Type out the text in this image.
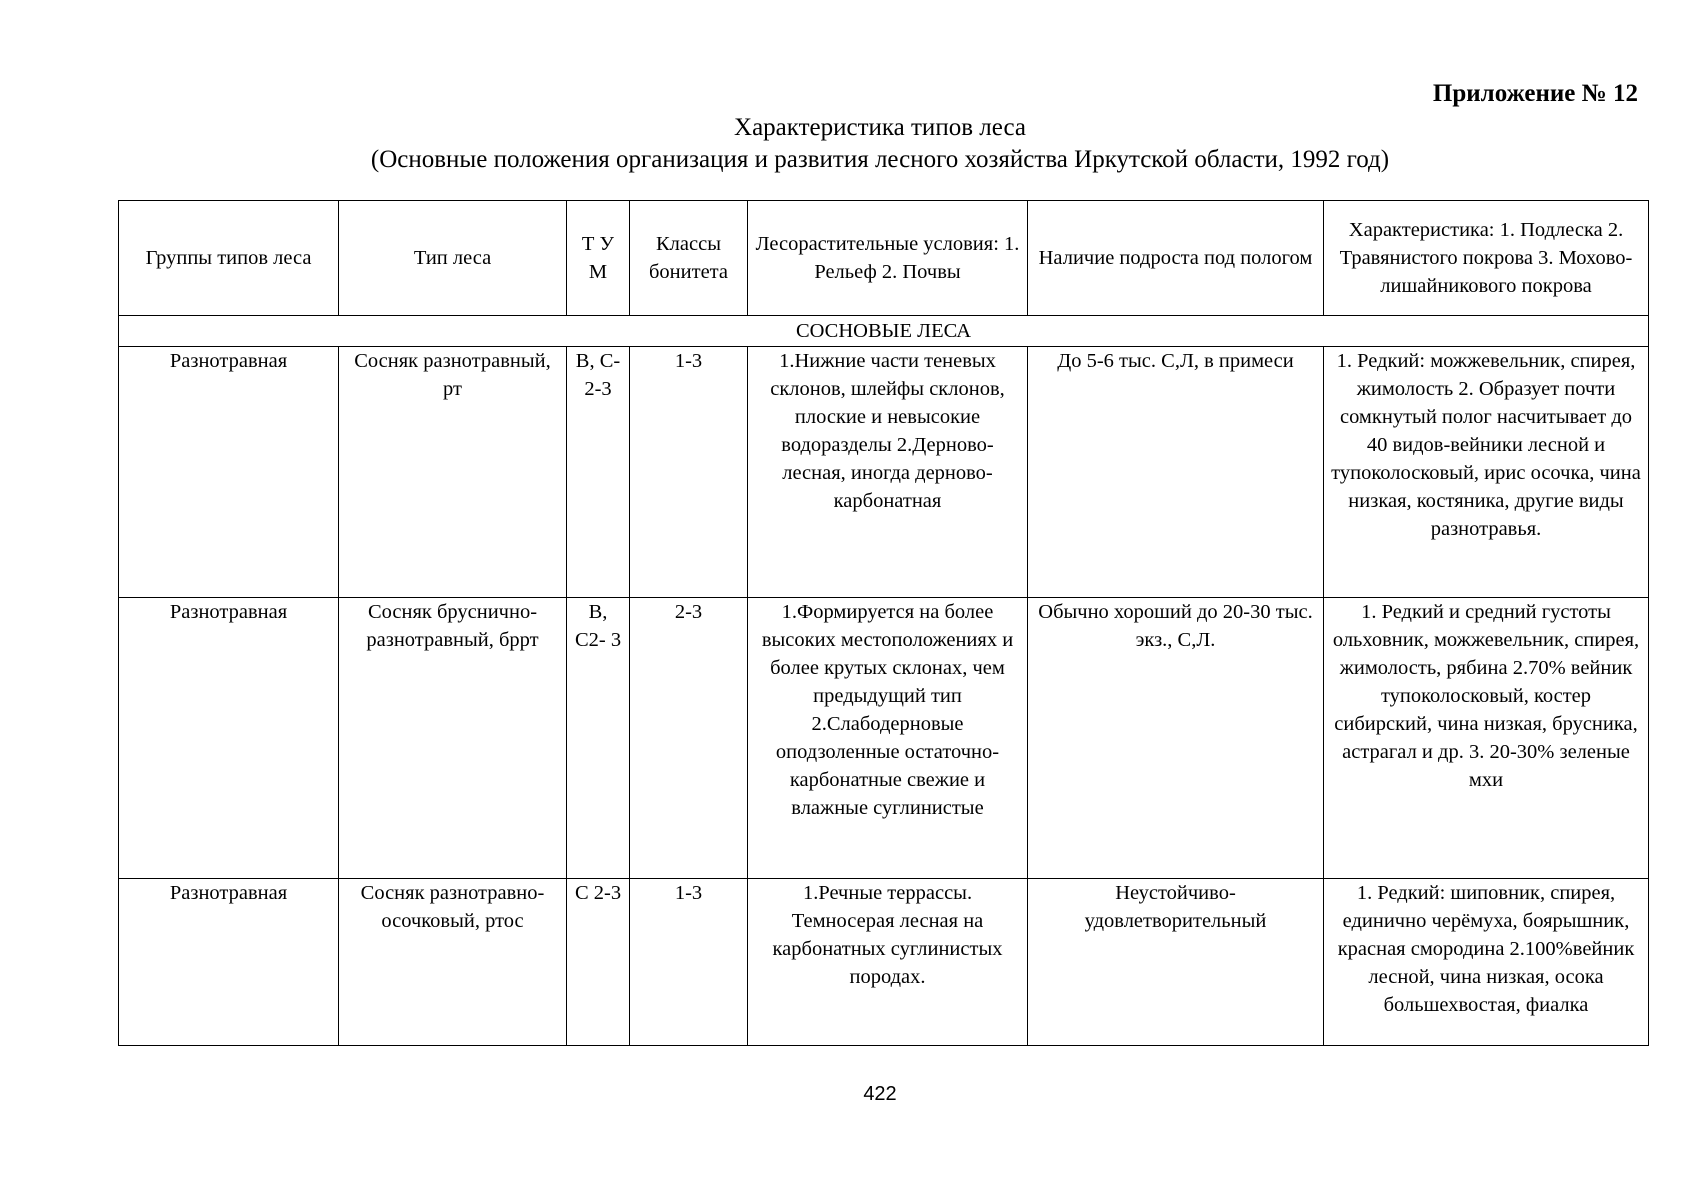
Приложение № 12
Характеристика типов леса
(Основные положения организация и развития лесного хозяйства Иркутской области, 1992 год)
Группы типов леса	Тип леса	Т У М	Классы бонитета	Лесорастительные условия: 1. Рельеф 2. Почвы	Наличие подроста под пологом	Характеристика: 1. Подлеска 2. Травянистого покрова 3. Мохово-лишайникового покрова
СОСНОВЫЕ ЛЕСА						
Разнотравная	Сосняк разнотравный, рт	В, С- 2-3	1-3	1.Нижние части теневых склонов, шлейфы склонов, плоские и невысокие водоразделы 2.Дерново-лесная, иногда дерново-карбонатная	До 5-6 тыс. С,Л, в примеси	1. Редкий: можжевельник, спирея, жимолость 2. Образует почти сомкнутый полог насчитывает до 40 видов-вейники лесной и тупоколосковый, ирис осочка, чина низкая, костяника, другие виды разнотравья.
Разнотравная	Сосняк бруснично-разнотравный, бррт	В, С2- 3	2-3	1.Формируется на более высоких местоположениях и более крутых склонах, чем предыдущий тип 2.Слабодерновые оподзоленные остаточно-карбонатные свежие и влажные суглинистые	Обычно хороший до 20-30 тыс. экз., С,Л.	1. Редкий и средний густоты ольховник, можжевельник, спирея, жимолость, рябина 2.70% вейник тупоколосковый, костер сибирский, чина низкая, брусника, астрагал и др. 3. 20-30% зеленые мхи
Разнотравная	Сосняк разнотравно-осочковый, ртос	С 2-3	1-3	1.Речные террассы. Темносерая лесная на карбонатных суглинистых породах.	Неустойчиво-удовлетворительный	1. Редкий: шиповник, спирея, единично черёмуха, боярышник, красная смородина 2.100%вейник лесной, чина низкая, осока большехвостая, фиалка
422
